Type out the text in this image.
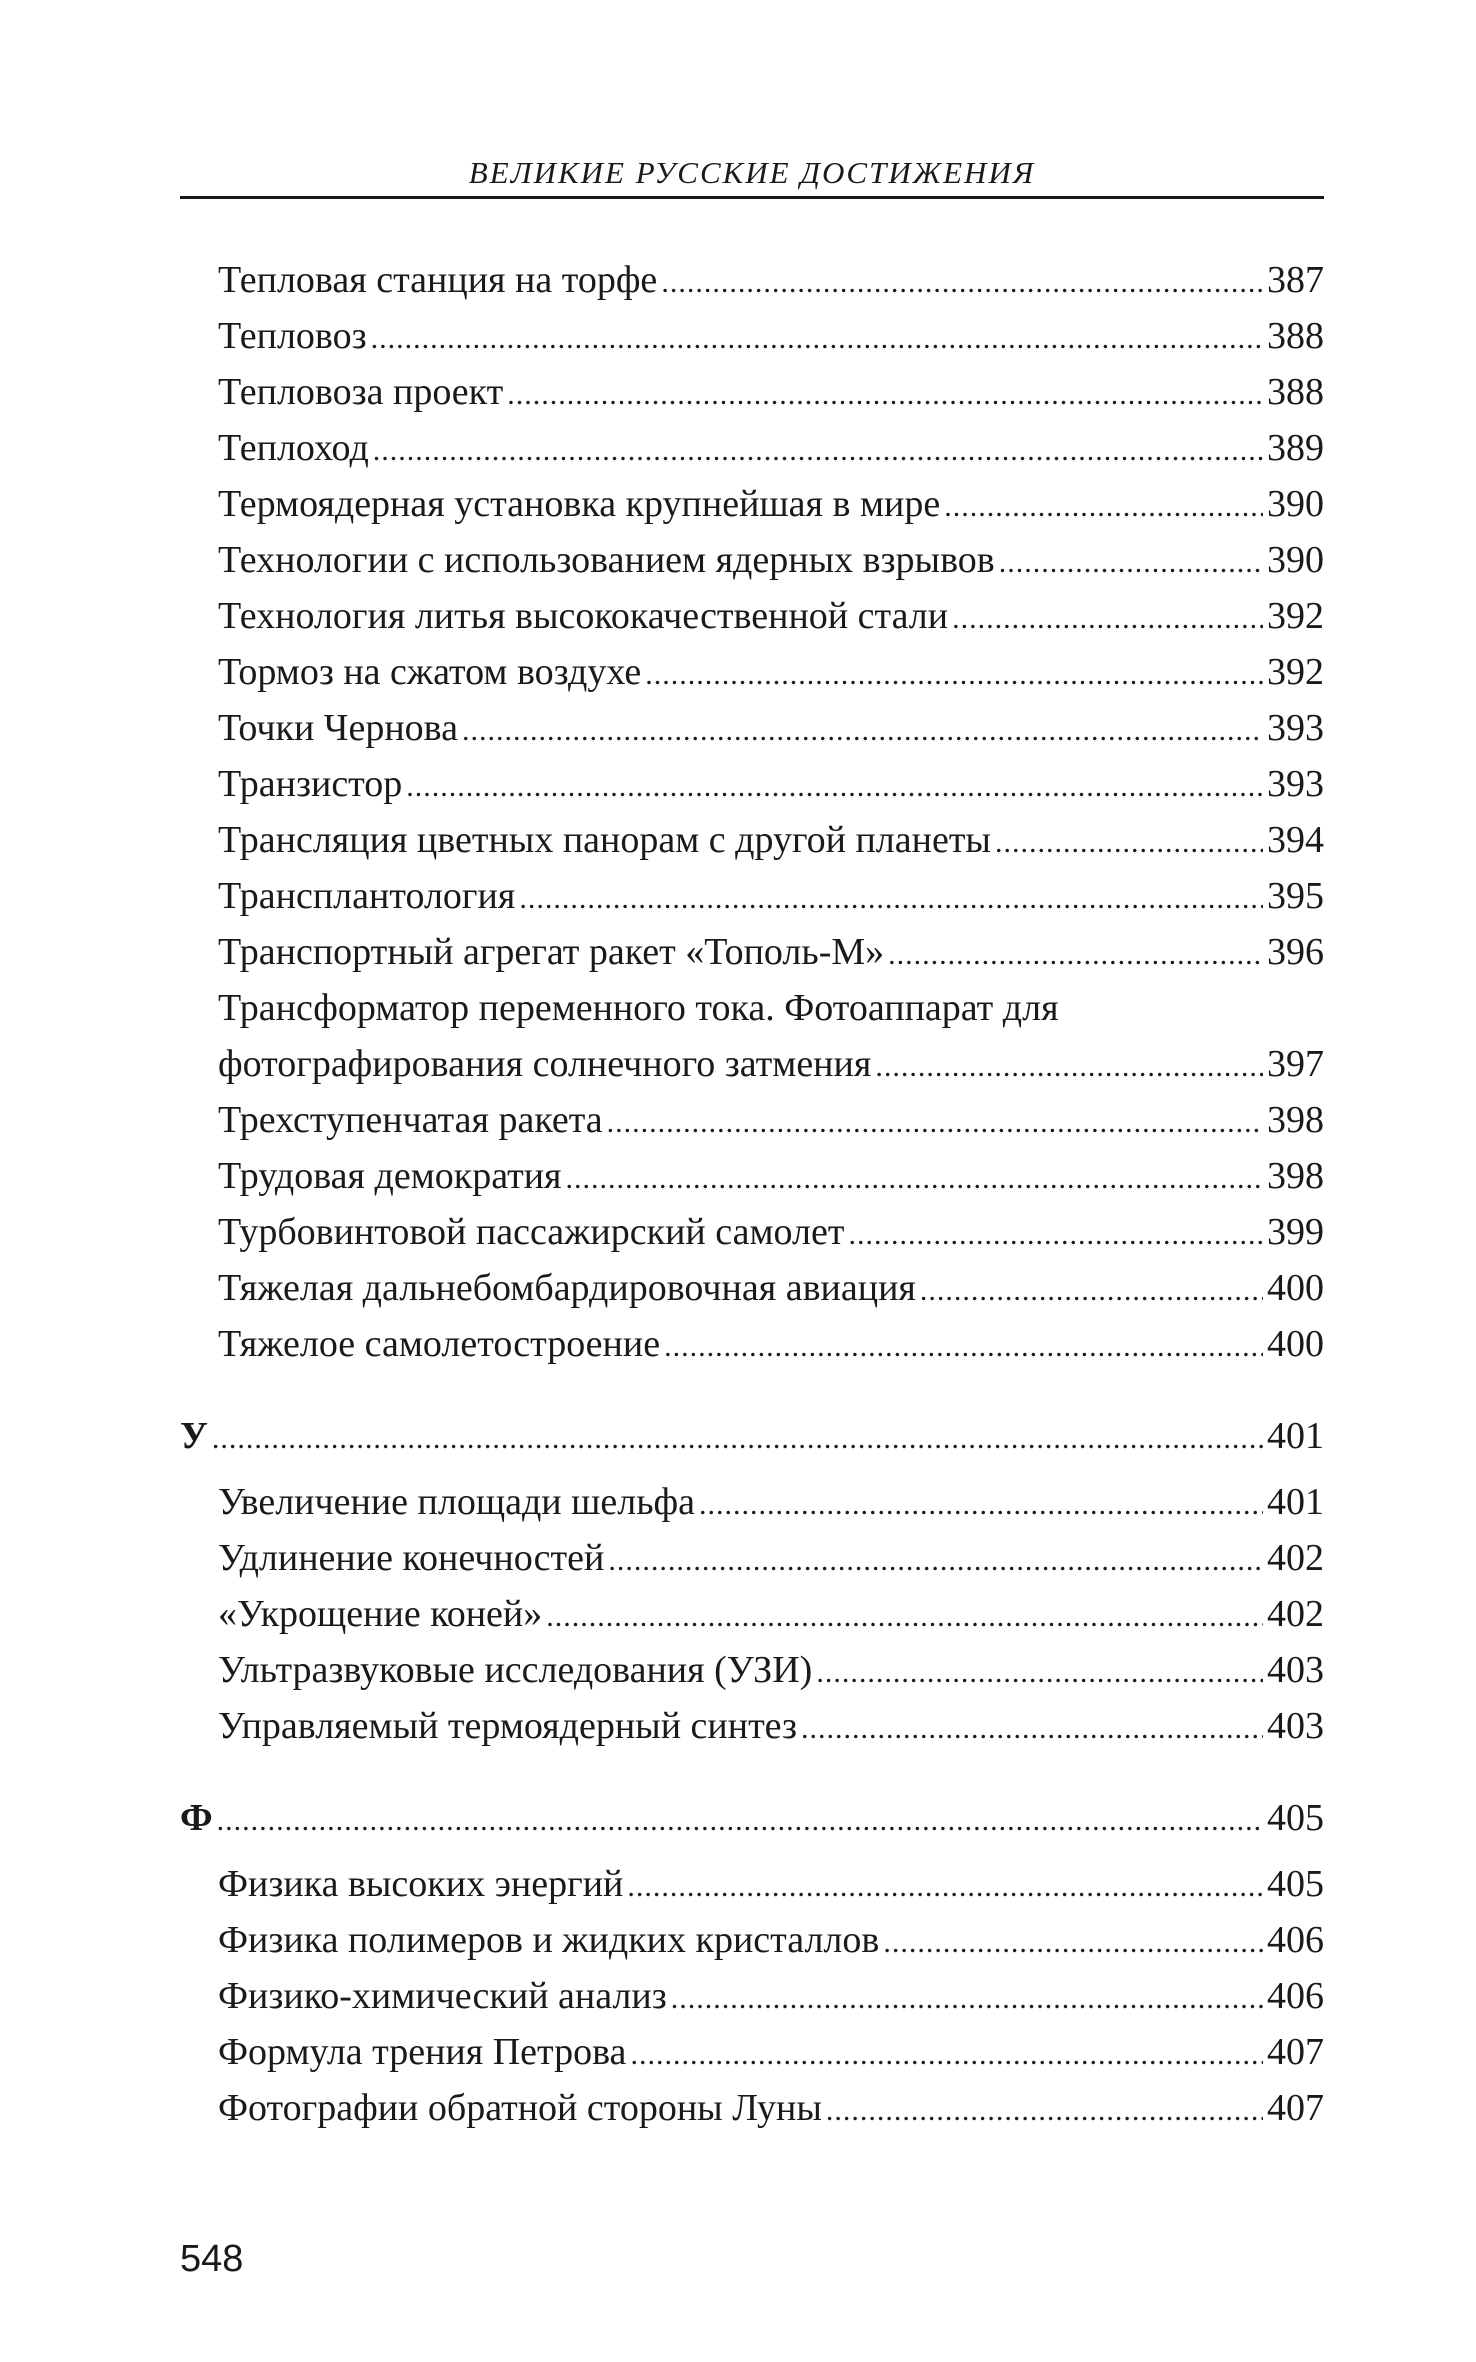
ВЕЛИКИЕ РУССКИЕ ДОСТИЖЕНИЯ
Тепловая станция на торфе .....	387
Тепловоз .....	388
Тепловоза проект .....	388
Теплоход .....	389
Термоядерная установка крупнейшая в мире .....	390
Технологии с использованием ядерных взрывов .....	390
Технология литья высококачественной стали .....	392
Тормоз на сжатом воздухе .....	392
Точки Чернова .....	393
Транзистор .....	393
Трансляция цветных панорам с другой планеты .....	394
Трансплантология .....	395
Транспортный агрегат ракет «Тополь-М» .....	396
Трансформатор переменного тока. Фотоаппарат для
фотографирования солнечного затмения .....	397
Трехступенчатая ракета .....	398
Трудовая демократия .....	398
Турбовинтовой пассажирский самолет .....	399
Тяжелая дальнебомбардировочная авиация .....	400
Тяжелое самолетостроение .....	400
У .....	401
Увеличение площади шельфа .....	401
Удлинение конечностей .....	402
«Укрощение коней» .....	402
Ультразвуковые исследования (УЗИ) .....	403
Управляемый термоядерный синтез .....	403
Ф .....	405
Физика высоких энергий .....	405
Физика полимеров и жидких кристаллов .....	406
Физико-химический анализ .....	406
Формула трения Петрова .....	407
Фотографии обратной стороны Луны .....	407
548
